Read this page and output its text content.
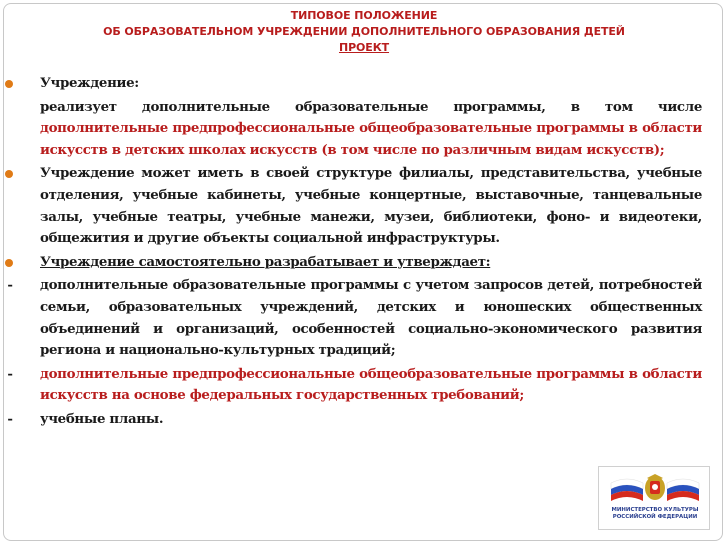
ТИПОВОЕ ПОЛОЖЕНИЕ
ОБ ОБРАЗОВАТЕЛЬНОМ УЧРЕЖДЕНИИ ДОПОЛНИТЕЛЬНОГО ОБРАЗОВАНИЯ ДЕТЕЙ
ПРОЕКТ
Учреждение:
реализует дополнительные образовательные программы, в том числе дополнительные предпрофессиональные общеобразовательные программы в области искусств в детских школах искусств (в том числе по различным видам искусств);
Учреждение может иметь в своей структуре филиалы, представительства, учебные отделения, учебные кабинеты, учебные концертные, выставочные, танцевальные залы, учебные театры, учебные манежи, музеи, библиотеки, фоно- и видеотеки, общежития и другие объекты социальной инфраструктуры.
Учреждение самостоятельно разрабатывает и утверждает:
-	дополнительные образовательные программы с учетом запросов детей, потребностей семьи, образовательных учреждений, детских и юношеских общественных объединений и организаций, особенностей социально-экономического развития региона и национально-культурных традиций;
-	дополнительные предпрофессиональные общеобразовательные программы в области искусств на основе федеральных государственных требований;
-	учебные планы.
МИНИСТЕРСТВО КУЛЬТУРЫ
РОССИЙСКОЙ ФЕДЕРАЦИИ
